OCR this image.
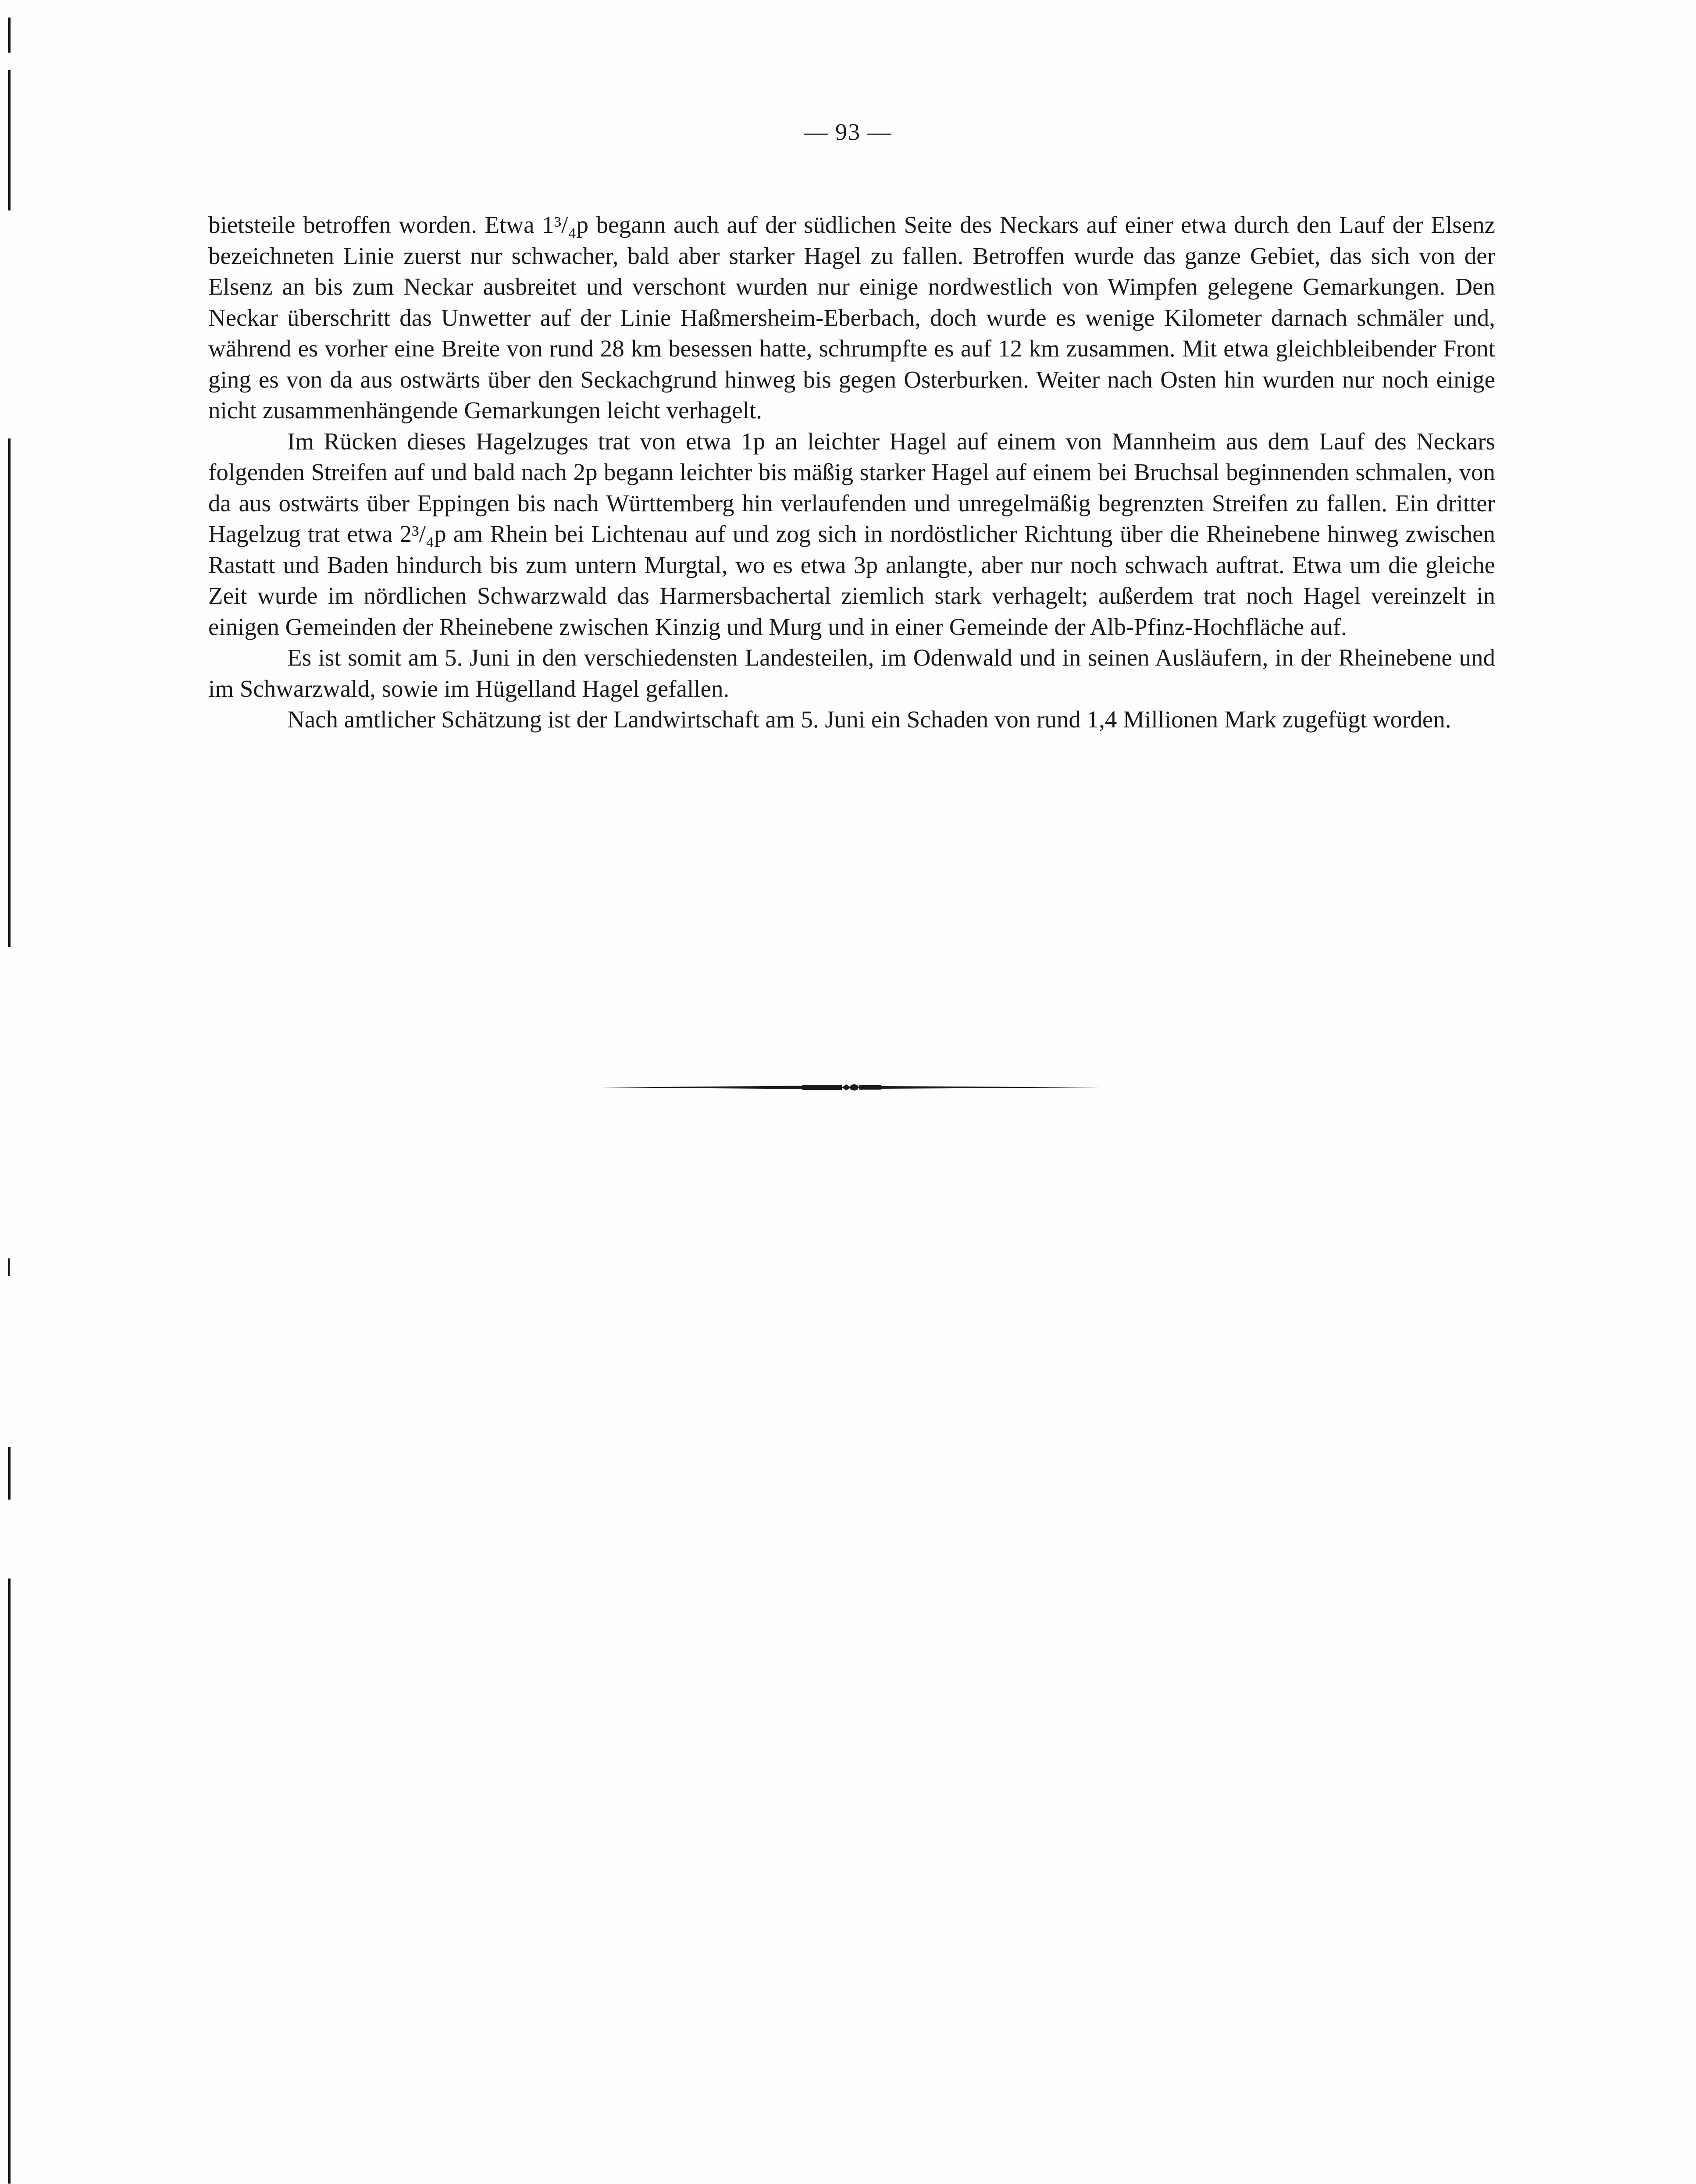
— 93 —

bietsteile betroffen worden. Etwa 1³/₄p begann auch auf der südlichen Seite des Neckars auf einer etwa durch den Lauf der Elsenz bezeichneten Linie zuerst nur schwacher, bald aber starker Hagel zu fallen. Betroffen wurde das ganze Gebiet, das sich von der Elsenz an bis zum Neckar ausbreitet und verschont wurden nur einige nordwestlich von Wimpfen gelegene Gemarkungen. Den Neckar überschritt das Unwetter auf der Linie Haßmersheim-Eberbach, doch wurde es wenige Kilometer darnach schmäler und, während es vorher eine Breite von rund 28 km besessen hatte, schrumpfte es auf 12 km zusammen. Mit etwa gleichbleibender Front ging es von da aus ostwärts über den Seckachgrund hinweg bis gegen Osterburken. Weiter nach Osten hin wurden nur noch einige nicht zusammenhängende Gemarkungen leicht verhagelt.

Im Rücken dieses Hagelzuges trat von etwa 1p an leichter Hagel auf einem von Mannheim aus dem Lauf des Neckars folgenden Streifen auf und bald nach 2p begann leichter bis mäßig starker Hagel auf einem bei Bruchsal beginnenden schmalen, von da aus ostwärts über Eppingen bis nach Württemberg hin verlaufenden und unregelmäßig begrenzten Streifen zu fallen. Ein dritter Hagelzug trat etwa 2³/₄p am Rhein bei Lichtenau auf und zog sich in nordöstlicher Richtung über die Rheinebene hinweg zwischen Rastatt und Baden hindurch bis zum untern Murgtal, wo es etwa 3p anlangte, aber nur noch schwach auftrat. Etwa um die gleiche Zeit wurde im nördlichen Schwarzwald das Harmersbachertal ziemlich stark verhagelt; außerdem trat noch Hagel vereinzelt in einigen Gemeinden der Rheinebene zwischen Kinzig und Murg und in einer Gemeinde der Alb-Pfinz-Hochfläche auf.

Es ist somit am 5. Juni in den verschiedensten Landesteilen, im Odenwald und in seinen Ausläufern, in der Rheinebene und im Schwarzwald, sowie im Hügelland Hagel gefallen.

Nach amtlicher Schätzung ist der Landwirtschaft am 5. Juni ein Schaden von rund 1,4 Millionen Mark zugefügt worden.
